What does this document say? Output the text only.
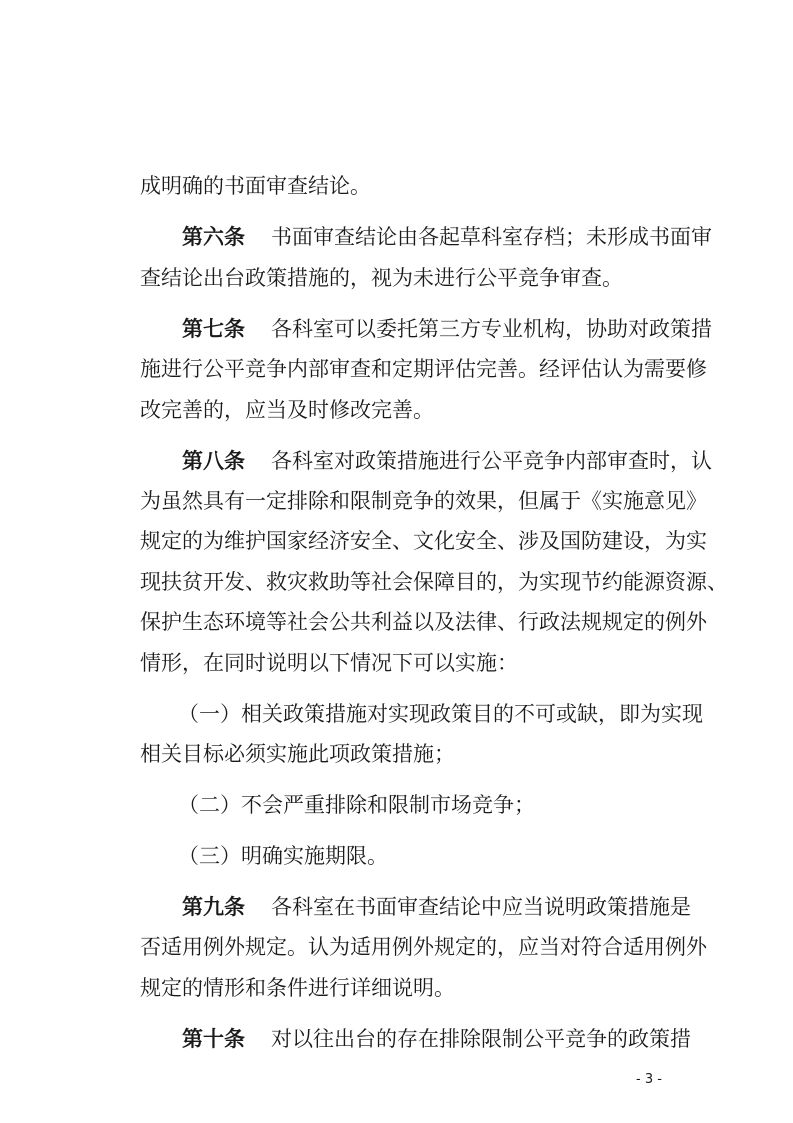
成明确的书面审查结论。
第六条 书面审查结论由各起草科室存档；未形成书面审
查结论出台政策措施的，视为未进行公平竞争审查。
第七条 各科室可以委托第三方专业机构，协助对政策措
施进行公平竞争内部审查和定期评估完善。经评估认为需要修
改完善的，应当及时修改完善。
第八条 各科室对政策措施进行公平竞争内部审查时，认
为虽然具有一定排除和限制竞争的效果，但属于《实施意见》
规定的为维护国家经济安全、文化安全、涉及国防建设，为实
现扶贫开发、救灾救助等社会保障目的，为实现节约能源资源、
保护生态环境等社会公共利益以及法律、行政法规规定的例外
情形，在同时说明以下情况下可以实施：
（一）相关政策措施对实现政策目的不可或缺，即为实现
相关目标必须实施此项政策措施；
（二）不会严重排除和限制市场竞争；
（三）明确实施期限。
第九条 各科室在书面审查结论中应当说明政策措施是
否适用例外规定。认为适用例外规定的，应当对符合适用例外
规定的情形和条件进行详细说明。
第十条 对以往出台的存在排除限制公平竞争的政策措
- 3 -
